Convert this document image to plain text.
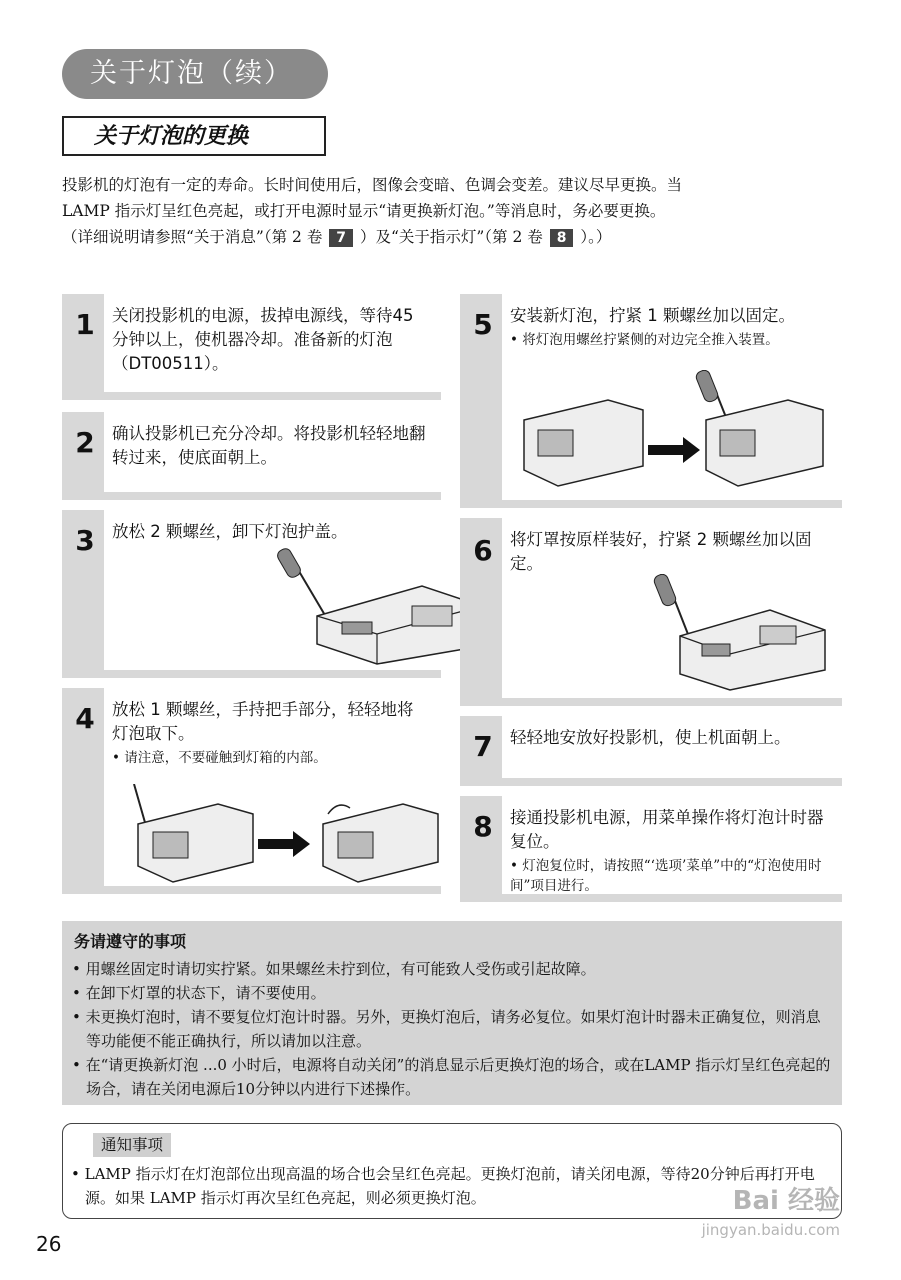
关于灯泡（续）
关于灯泡的更换
投影机的灯泡有一定的寿命。长时间使用后，图像会变暗、色调会变差。建议尽早更换。当
LAMP 指示灯呈红色亮起，或打开电源时显示“请更换新灯泡。”等消息时，务必要更换。
（详细说明请参照“关于消息”（第 2 卷 7 ）及“关于指示灯”（第 2 卷 8 ）。）
1	关闭投影机的电源，拔掉电源线，等待45分钟以上，使机器冷却。准备新的灯泡（DT00511）。
2	确认投影机已充分冷却。将投影机轻轻地翻转过来，使底面朝上。
3	放松 2 颗螺丝，卸下灯泡护盖。
4	放松 1 颗螺丝，手持把手部分，轻轻地将灯泡取下。
• 请注意，不要碰触到灯箱的内部。
5	安装新灯泡，拧紧 1 颗螺丝加以固定。
• 将灯泡用螺丝拧紧侧的对边完全推入装置。
6	将灯罩按原样装好，拧紧 2 颗螺丝加以固定。
7	轻轻地安放好投影机，使上机面朝上。
8	接通投影机电源，用菜单操作将灯泡计时器复位。
• 灯泡复位时，请按照“‘选项’菜单”中的“灯泡使用时间”项目进行。
务请遵守的事项
• 用螺丝固定时请切实拧紧。如果螺丝未拧到位，有可能致人受伤或引起故障。
• 在卸下灯罩的状态下，请不要使用。
• 未更换灯泡时，请不要复位灯泡计时器。另外，更换灯泡后，请务必复位。如果灯泡计时器未正确复位，则消息等功能便不能正确执行，所以请加以注意。
• 在“请更换新灯泡 ...0 小时后，电源将自动关闭”的消息显示后更换灯泡的场合，或在LAMP 指示灯呈红色亮起的场合，请在关闭电源后10分钟以内进行下述操作。
通知事项
• LAMP 指示灯在灯泡部位出现高温的场合也会呈红色亮起。更换灯泡前，请关闭电源，等待20分钟后再打开电源。如果 LAMP 指示灯再次呈红色亮起，则必须更换灯泡。
26
Bai 经验
jingyan.baidu.com
